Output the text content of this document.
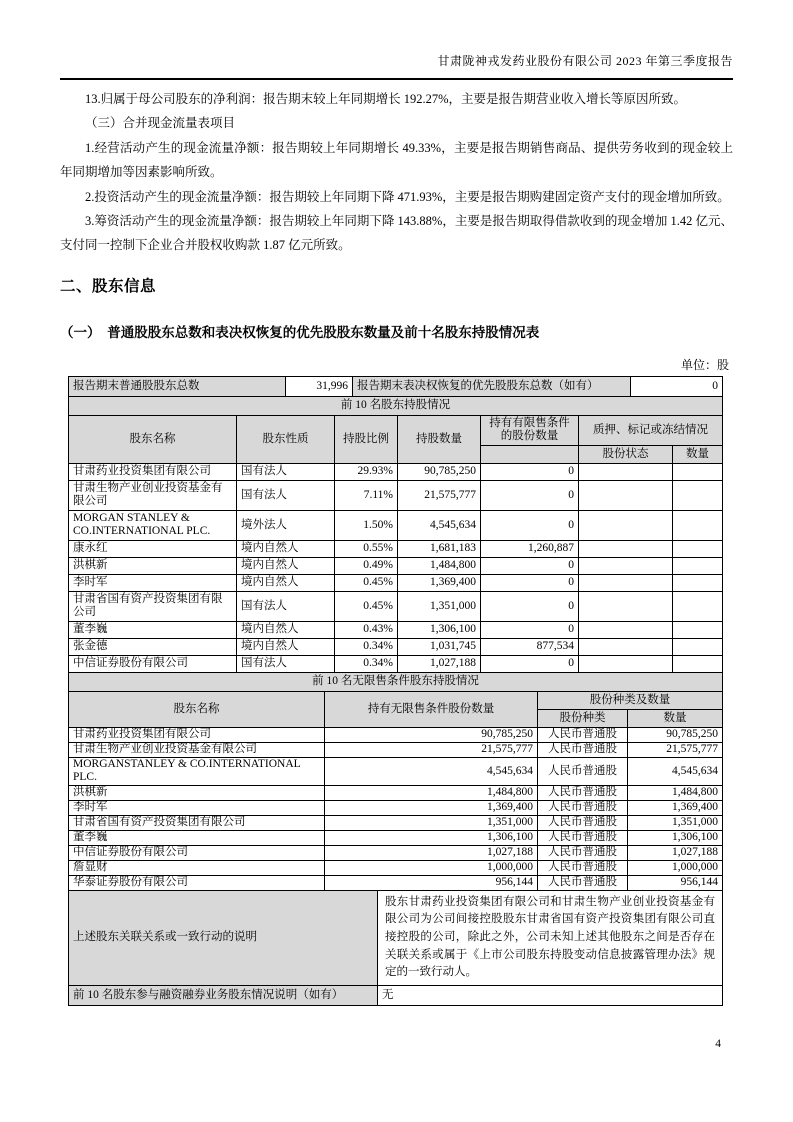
甘肃陇神戎发药业股份有限公司 2023 年第三季度报告

13.归属于母公司股东的净利润：报告期末较上年同期增长 192.27%，主要是报告期营业收入增长等原因所致。

（三）合并现金流量表项目

1.经营活动产生的现金流量净额：报告期较上年同期增长 49.33%，主要是报告期销售商品、提供劳务收到的现金较上年同期增加等因素影响所致。

2.投资活动产生的现金流量净额：报告期较上年同期下降 471.93%，主要是报告期购建固定资产支付的现金增加所致。

3.筹资活动产生的现金流量净额：报告期较上年同期下降 143.88%，主要是报告期取得借款收到的现金增加 1.42 亿元、支付同一控制下企业合并股权收购款 1.87 亿元所致。

二、股东信息
（一）　普通股股东总数和表决权恢复的优先股股东数量及前十名股东持股情况表
单位：股
报告期末普通股股东总数	31,996	报告期末表决权恢复的优先股股东总数（如有）	0
前 10 名股东持股情况						
股东名称	股东性质	持股比例	持股数量	持有有限售条件的股份数量	质押、标记或冻结情况	
					股份状态	数量
甘肃药业投资集团有限公司	国有法人	29.93%	90,785,250	0		
甘肃生物产业创业投资基金有限公司	国有法人	7.11%	21,575,777	0		
MORGAN STANLEY & CO.INTERNATIONAL PLC.	境外法人	1.50%	4,545,634	0		
康永红	境内自然人	0.55%	1,681,183	1,260,887		
洪棋新	境内自然人	0.49%	1,484,800	0		
李时军	境内自然人	0.45%	1,369,400	0		
甘肃省国有资产投资集团有限公司	国有法人	0.45%	1,351,000	0		
董李巍	境内自然人	0.43%	1,306,100	0		
张金德	境内自然人	0.34%	1,031,745	877,534		
中信证券股份有限公司	国有法人	0.34%	1,027,188	0		
前 10 名无限售条件股东持股情况			
股东名称	持有无限售条件股份数量	股份种类及数量	
		股份种类	数量
甘肃药业投资集团有限公司	90,785,250	人民币普通股	90,785,250
甘肃生物产业创业投资基金有限公司	21,575,777	人民币普通股	21,575,777
MORGANSTANLEY & CO.INTERNATIONAL PLC.	4,545,634	人民币普通股	4,545,634
洪棋新	1,484,800	人民币普通股	1,484,800
李时军	1,369,400	人民币普通股	1,369,400
甘肃省国有资产投资集团有限公司	1,351,000	人民币普通股	1,351,000
董李巍	1,306,100	人民币普通股	1,306,100
中信证券股份有限公司	1,027,188	人民币普通股	1,027,188
詹显财	1,000,000	人民币普通股	1,000,000
华泰证券股份有限公司	956,144	人民币普通股	956,144
上述股东关联关系或一致行动的说明	股东甘肃药业投资集团有限公司和甘肃生物产业创业投资基金有限公司为公司间接控股股东甘肃省国有资产投资集团有限公司直接控股的公司，除此之外，公司未知上述其他股东之间是否存在关联关系或属于《上市公司股东持股变动信息披露管理办法》规定的一致行动人。
前 10 名股东参与融资融券业务股东情况说明（如有）	无
4
